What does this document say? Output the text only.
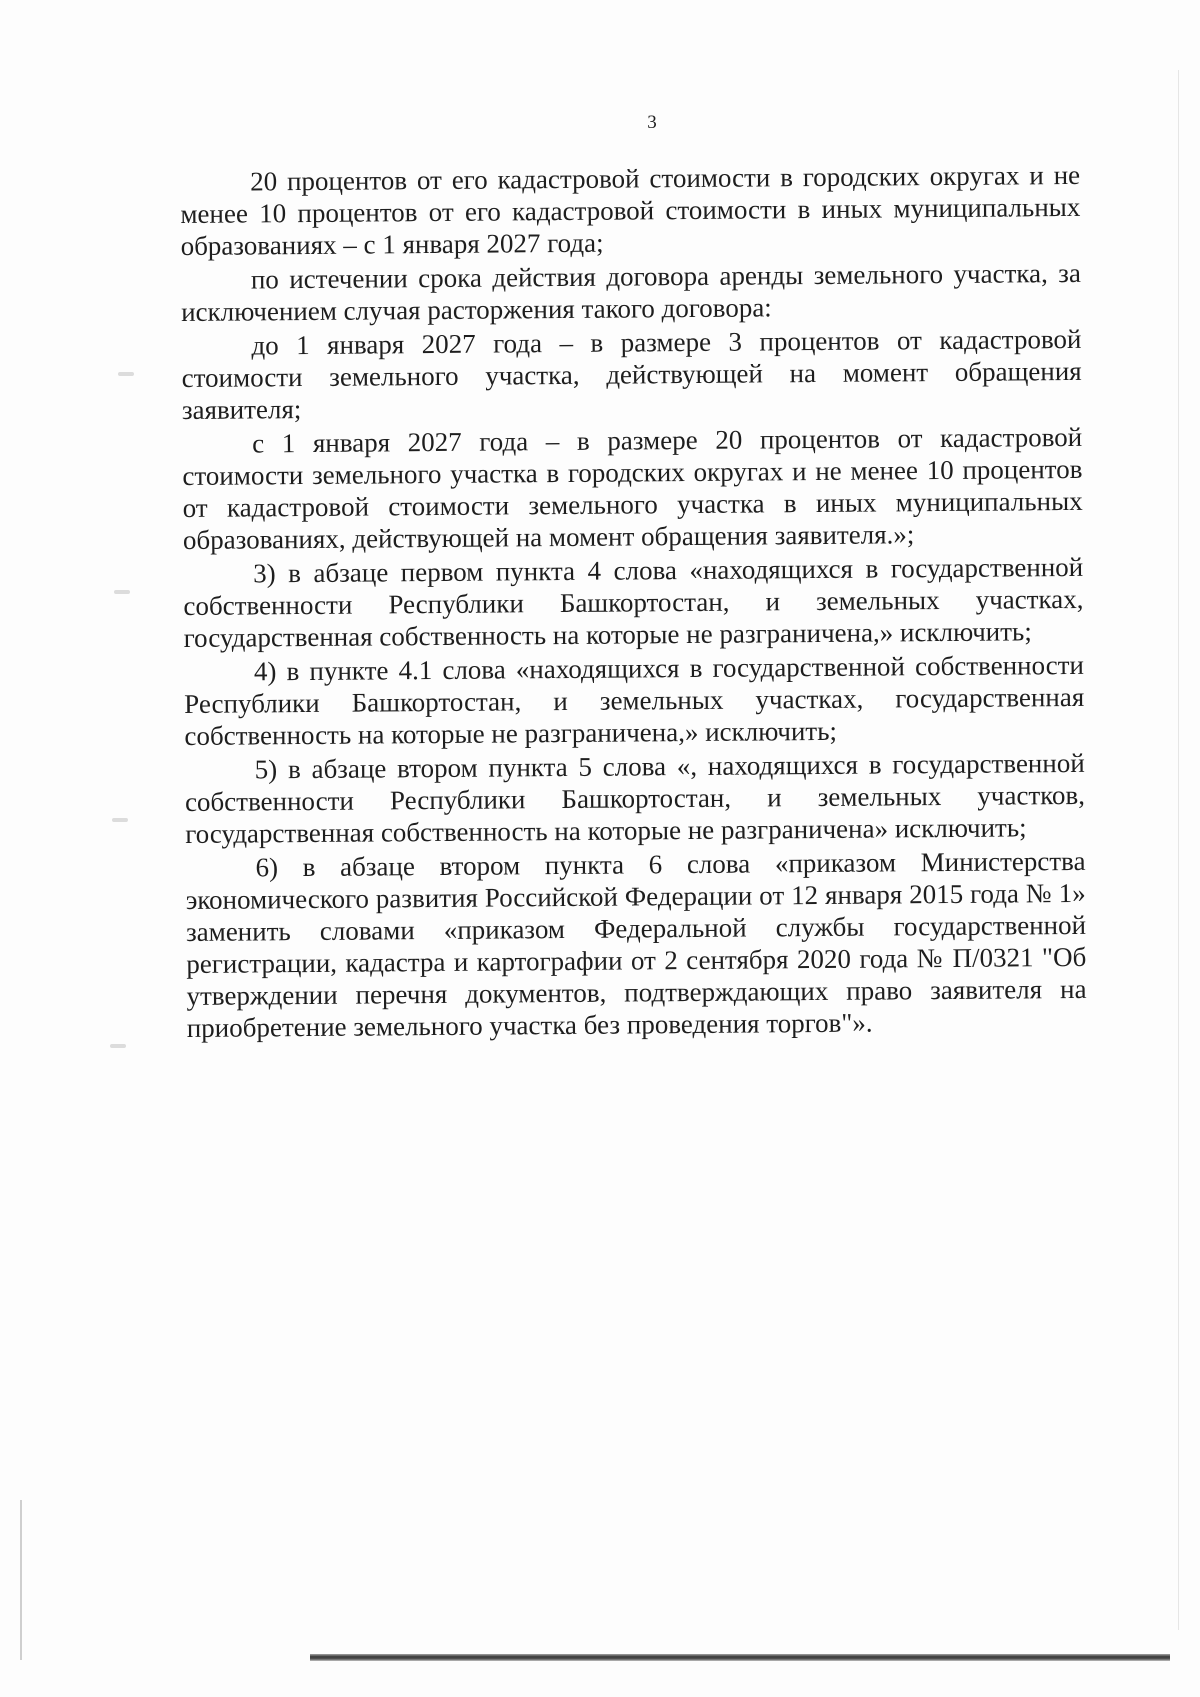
3

20 процентов от его кадастровой стоимости в городских округах и не менее 10 процентов от его кадастровой стоимости в иных муниципальных образованиях – с 1 января 2027 года;

по истечении срока действия договора аренды земельного участка, за исключением случая расторжения такого договора:

до 1 января 2027 года – в размере 3 процентов от кадастровой стоимости земельного участка, действующей на момент обращения заявителя;

с 1 января 2027 года – в размере 20 процентов от кадастровой стоимости земельного участка в городских округах и не менее 10 процентов от кадастровой стоимости земельного участка в иных муниципальных образованиях, действующей на момент обращения заявителя.»;

3) в абзаце первом пункта 4 слова «находящихся в государственной собственности Республики Башкортостан, и земельных участках, государственная собственность на которые не разграничена,» исключить;

4) в пункте 4.1 слова «находящихся в государственной собственности Республики Башкортостан, и земельных участках, государственная собственность на которые не разграничена,» исключить;

5) в абзаце втором пункта 5 слова «, находящихся в государственной собственности Республики Башкортостан, и земельных участков, государственная собственность на которые не разграничена» исключить;

6) в абзаце втором пункта 6 слова «приказом Министерства экономического развития Российской Федерации от 12 января 2015 года № 1» заменить словами «приказом Федеральной службы государственной регистрации, кадастра и картографии от 2 сентября 2020 года № П/0321 "Об утверждении перечня документов, подтверждающих право заявителя на приобретение земельного участка без проведения торгов"».
